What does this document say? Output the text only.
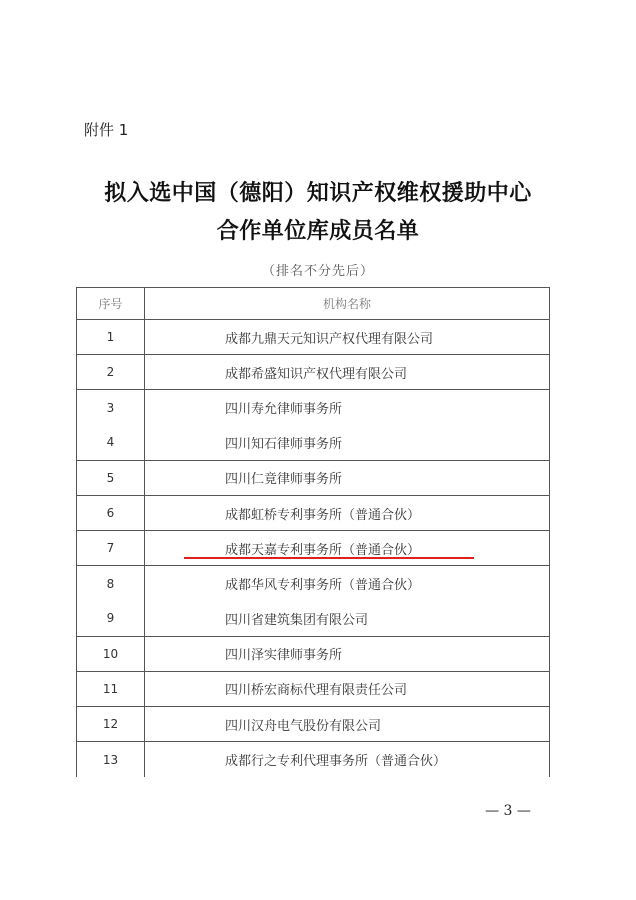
附件 1
拟入选中国（德阳）知识产权维权援助中心
合作单位库成员名单
（排名不分先后）
序号	机构名称
1	成都九鼎天元知识产权代理有限公司
2	成都希盛知识产权代理有限公司
3	四川寿允律师事务所
4	四川知石律师事务所
5	四川仁竟律师事务所
6	成都虹桥专利事务所（普通合伙）
7	成都天嘉专利事务所（普通合伙）
8	成都华风专利事务所（普通合伙）
9	四川省建筑集团有限公司
10	四川泽实律师事务所
11	四川桥宏商标代理有限责任公司
12	四川汉舟电气股份有限公司
13	成都行之专利代理事务所（普通合伙）
— 3 —
